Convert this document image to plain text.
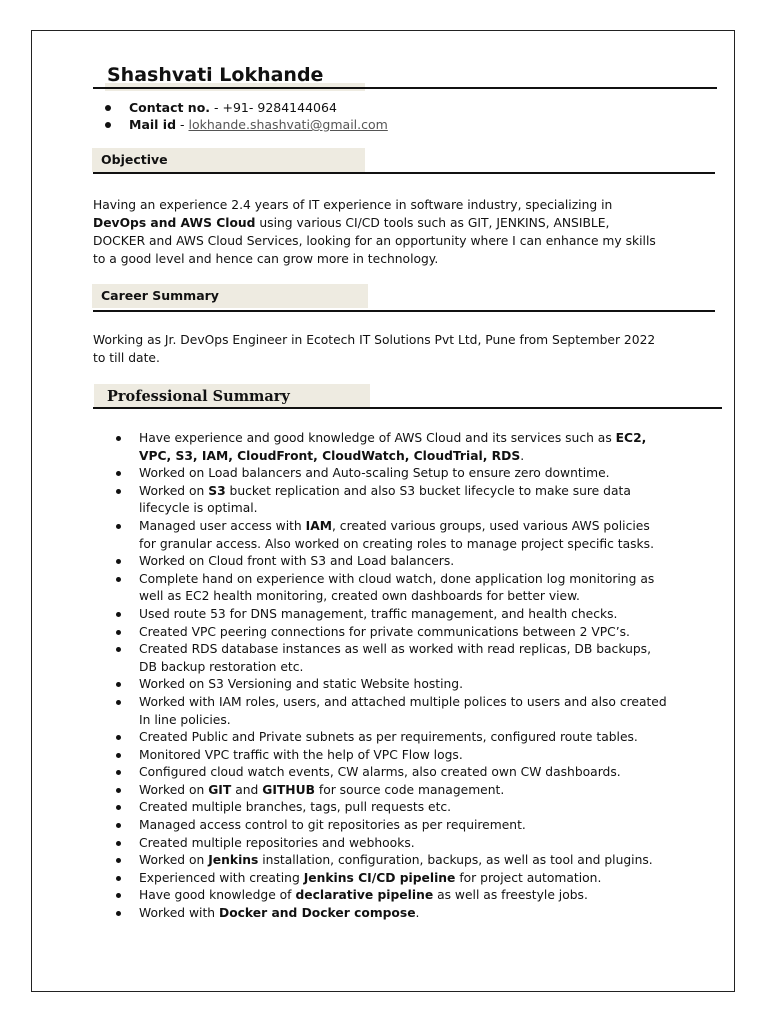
Shashvati Lokhande
Contact no. - +91- 9284144064
Mail id - lokhande.shashvati@gmail.com
Objective
Having an experience 2.4 years of IT experience in software industry, specializing in DevOps and AWS Cloud using various CI/CD tools such as GIT, JENKINS, ANSIBLE, DOCKER and AWS Cloud Services, looking for an opportunity where I can enhance my skills to a good level and hence can grow more in technology.
Career Summary
Working as Jr. DevOps Engineer in Ecotech IT Solutions Pvt Ltd, Pune from September 2022 to till date.
Professional Summary
Have experience and good knowledge of AWS Cloud and its services such as EC2, VPC, S3, IAM, CloudFront, CloudWatch, CloudTrial, RDS.
Worked on Load balancers and Auto-scaling Setup to ensure zero downtime.
Worked on S3 bucket replication and also S3 bucket lifecycle to make sure data lifecycle is optimal.
Managed user access with IAM, created various groups, used various AWS policies for granular access. Also worked on creating roles to manage project specific tasks.
Worked on Cloud front with S3 and Load balancers.
Complete hand on experience with cloud watch, done application log monitoring as well as EC2 health monitoring, created own dashboards for better view.
Used route 53 for DNS management, traffic management, and health checks.
Created VPC peering connections for private communications between 2 VPC’s.
Created RDS database instances as well as worked with read replicas, DB backups, DB backup restoration etc.
Worked on S3 Versioning and static Website hosting.
Worked with IAM roles, users, and attached multiple polices to users and also created In line policies.
Created Public and Private subnets as per requirements, configured route tables.
Monitored VPC traffic with the help of VPC Flow logs.
Configured cloud watch events, CW alarms, also created own CW dashboards.
Worked on GIT and GITHUB for source code management.
Created multiple branches, tags, pull requests etc.
Managed access control to git repositories as per requirement.
Created multiple repositories and webhooks.
Worked on Jenkins installation, configuration, backups, as well as tool and plugins.
Experienced with creating Jenkins CI/CD pipeline for project automation.
Have good knowledge of declarative pipeline as well as freestyle jobs.
Worked with Docker and Docker compose.
